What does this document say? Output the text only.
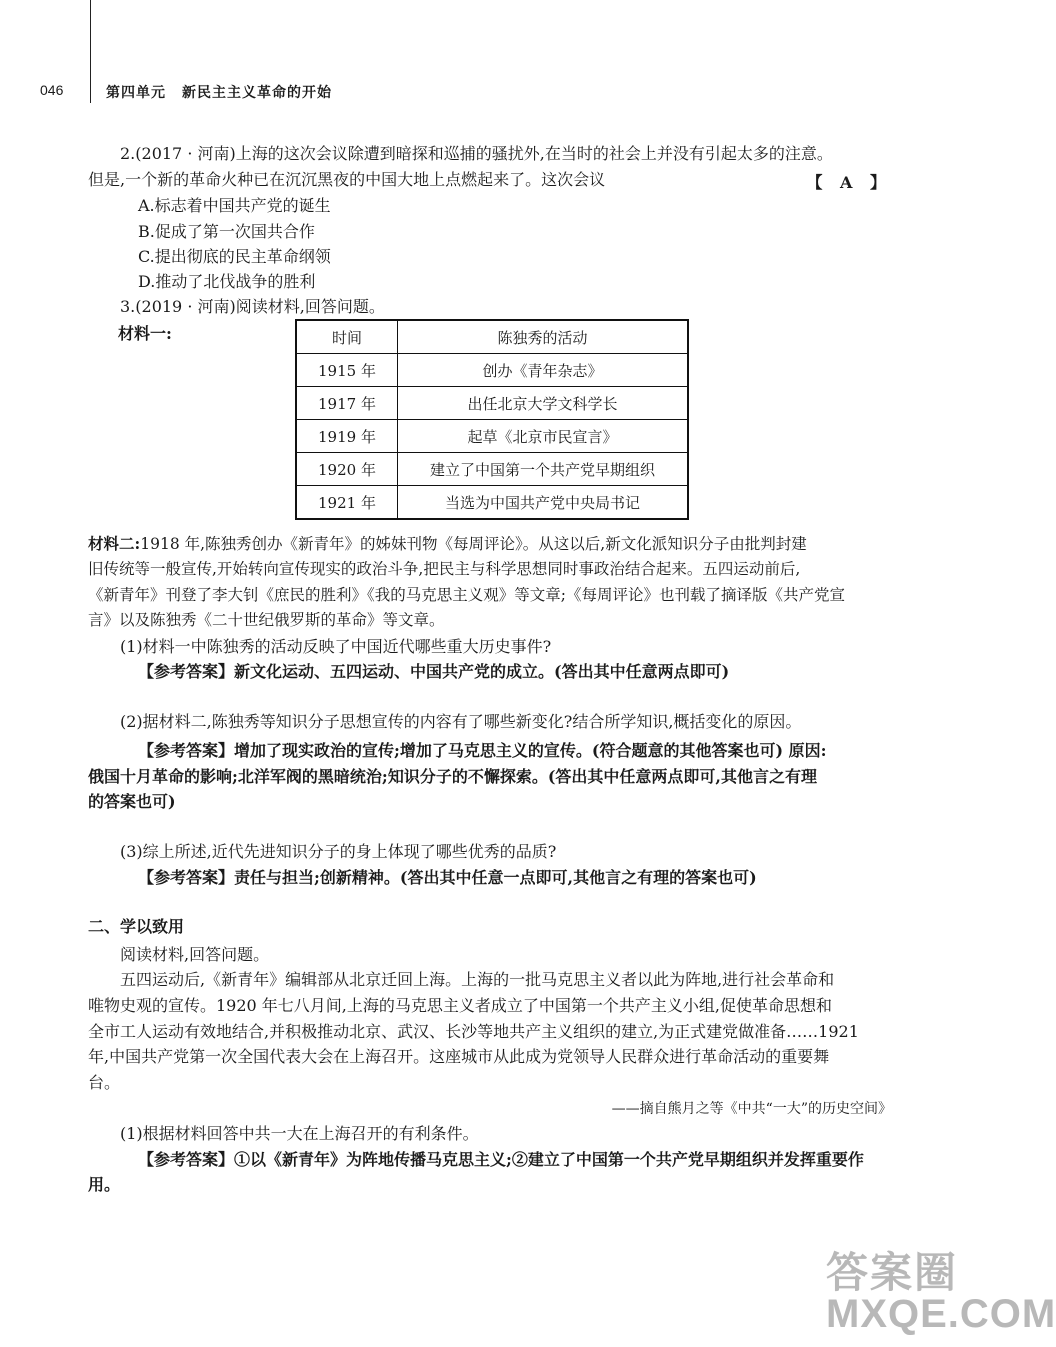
046	第四单元 新民主主义革命的开始
2.(2017 · 河南)上海的这次会议除遭到暗探和巡捕的骚扰外,在当时的社会上并没有引起太多的注意。
但是,一个新的革命火种已在沉沉黑夜的中国大地上点燃起来了。这次会议	【 A 】
A.标志着中国共产党的诞生
B.促成了第一次国共合作
C.提出彻底的民主革命纲领
D.推动了北伐战争的胜利
3.(2019 · 河南)阅读材料,回答问题。
材料一:	时间	陈独秀的活动
1915 年	创办《青年杂志》
1917 年	出任北京大学文科学长
1919 年	起草《北京市民宣言》
1920 年	建立了中国第一个共产党早期组织
1921 年	当选为中国共产党中央局书记
材料二:1918 年,陈独秀创办《新青年》的姊妹刊物《每周评论》。从这以后,新文化派知识分子由批判封建
旧传统等一般宣传,开始转向宣传现实的政治斗争,把民主与科学思想同时事政治结合起来。五四运动前后,
《新青年》刊登了李大钊《庶民的胜利》《我的马克思主义观》等文章;《每周评论》也刊载了摘译版《共产党宣
言》以及陈独秀《二十世纪俄罗斯的革命》等文章。
(1)材料一中陈独秀的活动反映了中国近代哪些重大历史事件?
【参考答案】新文化运动、五四运动、中国共产党的成立。(答出其中任意两点即可)
(2)据材料二,陈独秀等知识分子思想宣传的内容有了哪些新变化?结合所学知识,概括变化的原因。
【参考答案】增加了现实政治的宣传;增加了马克思主义的宣传。(符合题意的其他答案也可) 原因:
俄国十月革命的影响;北洋军阀的黑暗统治;知识分子的不懈探索。(答出其中任意两点即可,其他言之有理
的答案也可)
(3)综上所述,近代先进知识分子的身上体现了哪些优秀的品质?
【参考答案】责任与担当;创新精神。(答出其中任意一点即可,其他言之有理的答案也可)
二、学以致用
阅读材料,回答问题。
五四运动后,《新青年》编辑部从北京迁回上海。上海的一批马克思主义者以此为阵地,进行社会革命和
唯物史观的宣传。1920 年七八月间,上海的马克思主义者成立了中国第一个共产主义小组,促使革命思想和
全市工人运动有效地结合,并积极推动北京、武汉、长沙等地共产主义组织的建立,为正式建党做准备……1921
年,中国共产党第一次全国代表大会在上海召开。这座城市从此成为党领导人民群众进行革命活动的重要舞
台。
——摘自熊月之等《中共“一大”的历史空间》
(1)根据材料回答中共一大在上海召开的有利条件。
【参考答案】①以《新青年》为阵地传播马克思主义;②建立了中国第一个共产党早期组织并发挥重要作
用。
答案圈
MXQE.COM
